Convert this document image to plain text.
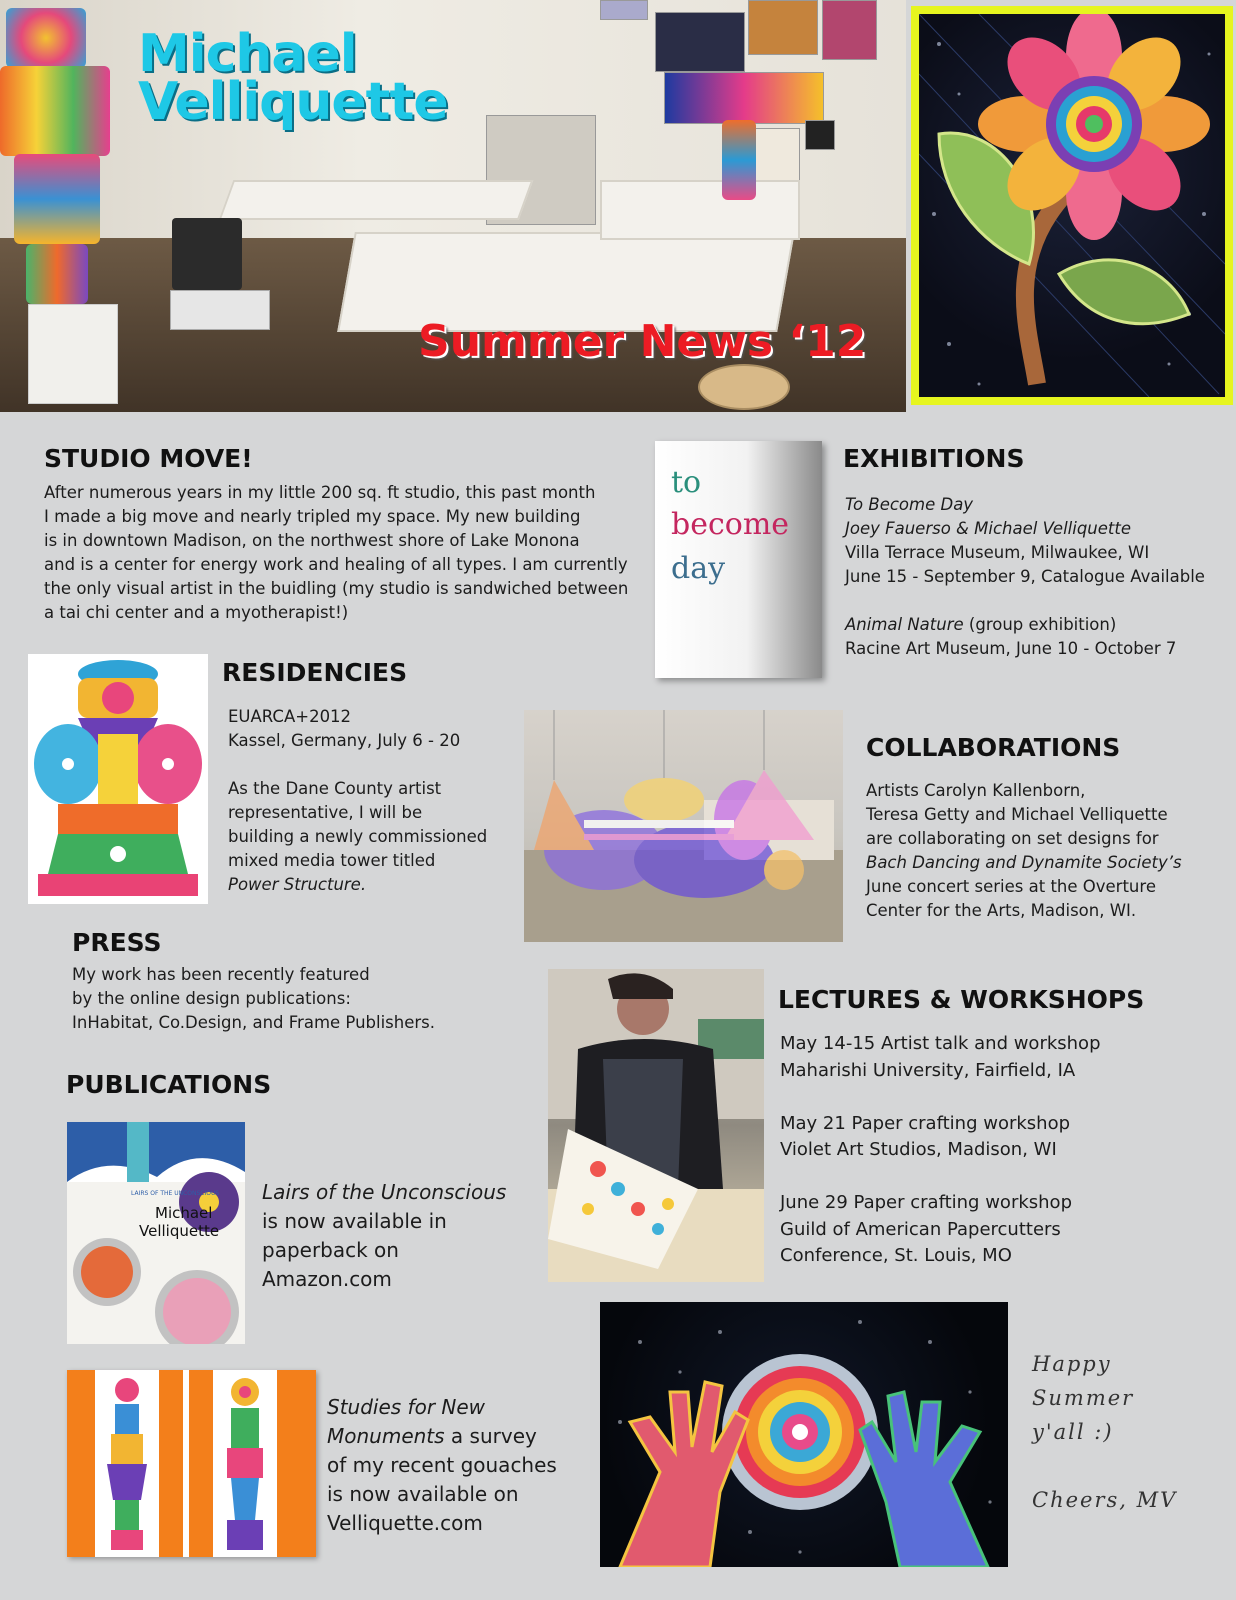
Michael
Velliquette
Summer News ‘12
STUDIO MOVE!
After numerous years in my little 200 sq. ft studio, this past month
I made a big move and nearly tripled my space. My new building
is in downtown Madison, on the northwest shore of Lake Monona
and is a center for energy work and healing of all types. I am currently
the only visual artist in the buidling (my studio is sandwiched between
a tai chi center and a myotherapist!)
to
become
day
EXHIBITIONS
To Become Day
Joey Fauerso & Michael Velliquette
Villa Terrace Museum, Milwaukee, WI
June 15 - September 9, Catalogue Available

Animal Nature (group exhibition)
Racine Art Museum, June 10 - October 7
RESIDENCIES
EUARCA+2012
Kassel, Germany, July 6 - 20

As the Dane County artist
representative, I will be
building a newly commissioned
mixed media tower titled
Power Structure.
COLLABORATIONS
Artists Carolyn Kallenborn,
Teresa Getty and Michael Velliquette
are collaborating on set designs for
Bach Dancing and Dynamite Society’s
June concert series at the Overture
Center for the Arts, Madison, WI.
PRESS
My work has been recently featured
by the online design publications:
InHabitat, Co.Design, and Frame Publishers.
LECTURES & WORKSHOPS
May 14-15 Artist talk and workshop
Maharishi University, Fairfield, IA

May 21 Paper crafting workshop
Violet Art Studios, Madison, WI

June 29 Paper crafting workshop
Guild of American Papercutters
Conference, St. Louis, MO
PUBLICATIONS
LAIRS OF THE UNCONSCIOUS
Michael
Velliquette
Lairs of the Unconscious
is now available in
paperback on
Amazon.com
Studies for New
Monuments a survey
of my recent gouaches
is now available on
Velliquette.com
Happy
Summer
y'all :)

Cheers, MV
